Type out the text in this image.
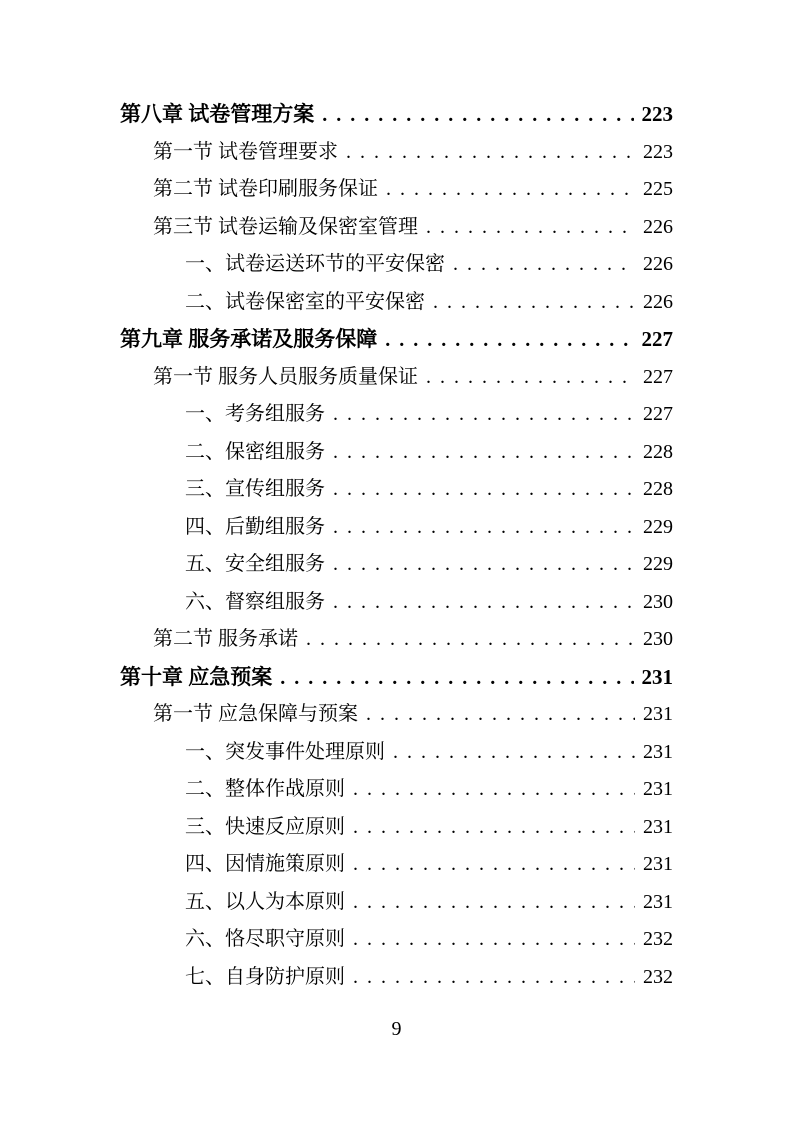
第八章 试卷管理方案 .....	223
第一节 试卷管理要求 .....	223
第二节 试卷印刷服务保证 .....	225
第三节 试卷运输及保密室管理 .....	226
一、试卷运送环节的平安保密 .....	226
二、试卷保密室的平安保密 .....	226
第九章 服务承诺及服务保障 .....	227
第一节 服务人员服务质量保证 .....	227
一、考务组服务 .....	227
二、保密组服务 .....	228
三、宣传组服务 .....	228
四、后勤组服务 .....	229
五、安全组服务 .....	229
六、督察组服务 .....	230
第二节 服务承诺 .....	230
第十章 应急预案 .....	231
第一节 应急保障与预案 .....	231
一、突发事件处理原则 .....	231
二、整体作战原则 .....	231
三、快速反应原则 .....	231
四、因情施策原则 .....	231
五、以人为本原则 .....	231
六、恪尽职守原则 .....	232
七、自身防护原则 .....	232
9
